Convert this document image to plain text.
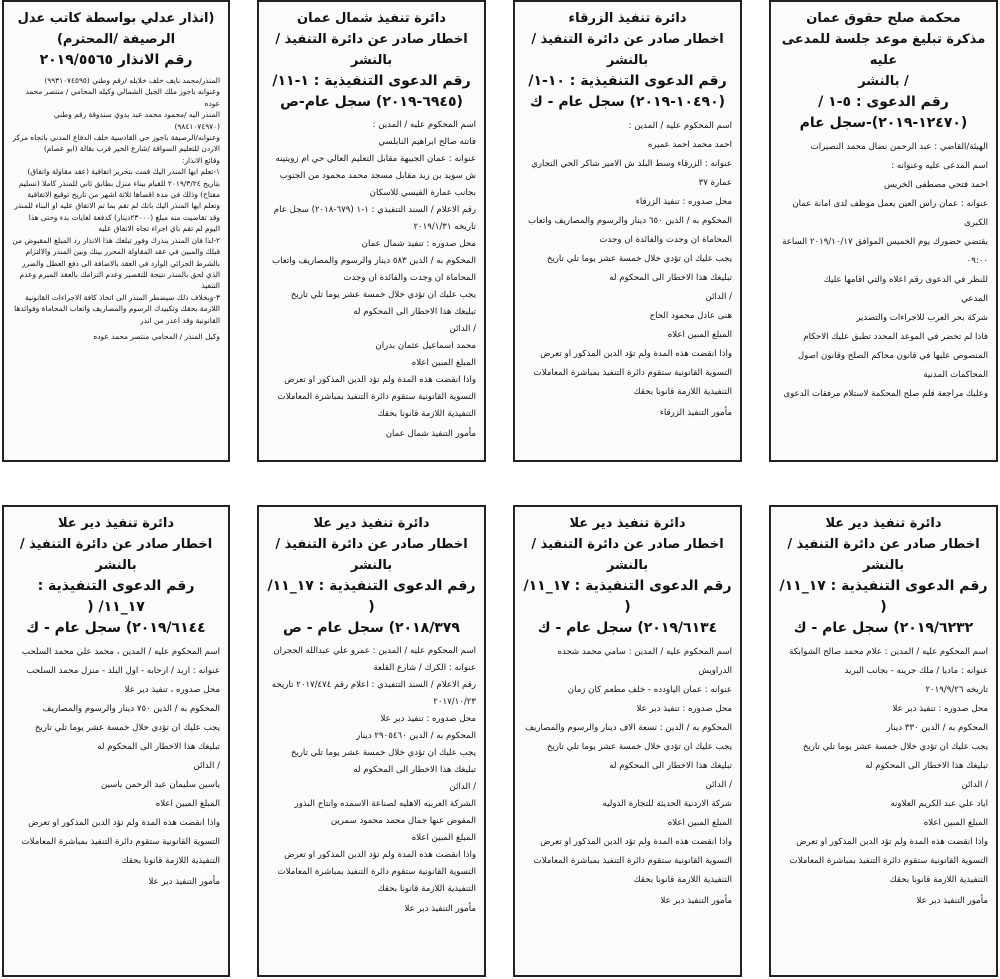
محكمة صلح حقوق عمان
مذكرة تبليغ موعد جلسة للمدعى عليه
/ بالنشر
رقم الدعوى : ٥-١ /
(١٢٤٧٠-٢٠١٩)-سجل عام

الهيئة/القاضي : عبد الرحمن نضال محمد النصيرات

اسم المدعى عليه وعنوانه :

احمد فتحي مصطفى الخريس

عنوانه : عمان راس العين يعمل موظف لدى امانة عمان الكبرى

يقتضي حضورك يوم الخميس الموافق ٢٠١٩/١٠/١٧ الساعة ٠٩:٠٠

للنظر في الدعوى رقم اعلاه والتي اقامها عليك

المدعي

شركة بحر العرب للاجراءات والتصدير

فاذا لم تحضر في الموعد المحدد تطبق عليك الاحكام المنصوص عليها في قانون محاكم الصلح وقانون اصول المحاكمات المدنية

وعليك مراجعة قلم صلح المحكمة لاستلام مرفقات الدعوى

دائرة تنفيذ الزرقاء
اخطار صادر عن دائرة التنفيذ / بالنشر
رقم الدعوى التنفيذية : ١٠-١/
(١٠٤٩٠-٢٠١٩) سجل عام - ك

اسم المحكوم عليه / المدين :

احمد محمد احمد عميره

عنوانه : الزرقاء وسط البلد ش الامير شاكر الحي التجاري عمارة ٣٧

محل صدوره : تنفيذ الزرقاء

المحكوم به / الدين ٦٥٠ دينار والرسوم والمصاريف واتعاب المحاماة ان وجدت والفائدة ان وجدت

يجب عليك ان تؤدي خلال خمسة عشر يوما تلي تاريخ تبليغك هذا الاخطار الى المحكوم له

/ الدائن

هنى عادل محمود الحاج

المبلغ المبين اعلاه

واذا انقضت هذه المدة ولم تؤد الدين المذكور او تعرض التسوية القانونية ستقوم دائرة التنفيذ بمباشرة المعاملات التنفيذية اللازمة قانونا بحقك

مأمور التنفيذ الزرقاء
دائرة تنفيذ شمال عمان
اخطار صادر عن دائرة التنفيذ / بالنشر
رقم الدعوى التنفيذية : ١-١١/
(٦٩٤٥-٢٠١٩) سجل عام-ص

اسم المحكوم عليه / المدين :

فاتنه صالح ابراهيم النابلسي

عنوانه : عمان الجبيهة مقابل التعليم العالي حي ام زويتينه ش سويد بن زيد مقابل مسجد محمد محمود من الجنوب بجانب عمارة القيسي للاسكان

رقم الاعلام / السند التنفيذي : ١-١ (٦٧٩-٢٠١٨) سجل عام تاريخه ٢٠١٩/١/٣١

محل صدوره : تنفيذ شمال عمان

المحكوم به / الدين ٥٨٣ دينار والرسوم والمصاريف واتعاب المحاماة ان وجدت والفائدة ان وجدت

يجب عليك ان تؤدي خلال خمسة عشر يوما تلي تاريخ تبليغك هذا الاخطار الى المحكوم له

/ الدائن

محمد اسماعيل عثمان بدران

المبلغ المبين اعلاه

واذا انقضت هذه المدة ولم تؤد الدين المذكور او تعرض التسوية القانونية ستقوم دائرة التنفيذ بمباشرة المعاملات التنفيذية اللازمة قانونا بحقك

مأمور التنفيذ شمال عمان
(انذار عدلي بواسطة كاتب عدل
الرصيفة /المحترم)
رقم الانذار ٢٠١٩/٥٥٦٥

المنذر/محمد نايف خلف خلايله /رقم وطني (٩٩٣١٠٧٤٥٩٥)

وعنوانه باجوز ملك الجبل الشمالي وكيله المحامي / منتصر محمد عوده

المنذر اليه /محمود محمد عبد بدوي سندوقة رقم وطني (٩٨٤١٠٧٤٩٧٠)

وعنوانه/الرصيفة باجوز حي القادسية خلف الدفاع المدني باتجاه مركز الاردن للتعليم السواقة /شارع الخير قرب بقالة (ابو عصام)

وقائع الانذار:

١-تعلم ايها المنذر اليك قمت بتحرير اتفاقية (عقد مقاولة واتفاق) بتاريخ ٢٠١٩/٣/٢٤ للقيام ببناء منزل بطابق ثاني للمنذر كاملا (تسليم مفتاح) وذلك في مدة اقصاها ثلاثة اشهر من تاريخ توقيع الاتفاقية وتعلم ايها المنذر اليك بانك لم تقم بما تم الاتفاق عليه او البناء للمنذر وقد تقاضيت منه مبلغ (٢٣٠٠٠دينار) كدفعة لغايات بدء وحتى هذا اليوم لم تقم باي اجراء تجاه الاتفاق عليه

٢-لذا فان المنذر ينذرك وفور تبلغك هذا الانذار رد المبلغ المقبوض من قبلك والمبين في عقد المقاولة المحرر بينك وبين المنذر والالتزام بالشرط الجزائي الوارد في العقد بالاضافة الى دفع العطل والضرر الذي لحق بالمنذر نتيجة للتقصير وعدم التزامك بالعقد المبرم وعدم التنفيذ

٣-وبخلاف ذلك سيضطر المنذر الى اتخاذ كافة الاجراءات القانونية اللازمة بحقك وتكبيدك الرسوم والمصاريف واتعاب المحاماة وفوائدها القانونية وقد اعذر من انذر

وكيل المنذر / المحامي منتصر محمد عوده
دائرة تنفيذ دير علا
اخطار صادر عن دائرة التنفيذ / بالنشر
رقم الدعوى التنفيذية : ١٧_١١/ (
٢٠١٩/٦٢٣٢) سجل عام - ك

اسم المحكوم عليه / المدين : علام محمد صالح الشوابكة

عنوانه : ماديا / ملك جرينه - بجانب البريد

تاريخه ٢٠١٩/٩/٢٦

محل صدوره : تنفيذ دير علا

المحكوم به / الدين ٣٣٠ دينار

يجب عليك ان تؤدي خلال خمسة عشر يوما تلي تاريخ تبليغك هذا الاخطار الى المحكوم له

/ الدائن

اياد علي عبد الكريم العلاونه

المبلغ المبين اعلاه

واذا انقضت هذه المدة ولم تؤد الدين المذكور او تعرض التسوية القانونية ستقوم دائرة التنفيذ بمباشرة المعاملات التنفيذية اللازمة قانونا بحقك

مأمور التنفيذ دير علا
دائرة تنفيذ دير علا
اخطار صادر عن دائرة التنفيذ / بالنشر
رقم الدعوى التنفيذية : ١٧_١١/ (
٢٠١٩/٦١٣٤) سجل عام - ك

اسم المحكوم عليه / المدين : سامي محمد شحده الدراويش

عنوانه : عمان الياودده - خلف مطعم كان زمان

محل صدوره : تنفيذ دير علا

المحكوم به / الدين : تسعة الاف دينار والرسوم والمصاريف

يجب عليك ان تؤدي خلال خمسة عشر يوما تلي تاريخ تبليغك هذا الاخطار الى المحكوم له

/ الدائن

شركة الاردنية الحديثة للتجارة الدوليه

المبلغ المبين اعلاه

واذا انقضت هذه المدة ولم تؤد الدين المذكور او تعرض التسوية القانونية ستقوم دائرة التنفيذ بمباشرة المعاملات التنفيذية اللازمة قانونا بحقك

مأمور التنفيذ دير علا
دائرة تنفيذ دير علا
اخطار صادر عن دائرة التنفيذ / بالنشر
رقم الدعوى التنفيذية : ١٧_١١/ (
٢٠١٨/٣٧٩) سجل عام - ص

اسم المحكوم عليه / المدين : عمرو علي عبدالله الحجران

عنوانه : الكرك / شارع القلعة

رقم الاعلام / السند التنفيذي : اعلام رقم ٢٠١٧/٤٧٤ تاريخه ٢٠١٧/١٠/٢٣

محل صدوره : تنفيذ دير علا

المحكوم به / الدين ٢٩٠٥٤٦٠ دينار

يجب عليك ان تؤدي خلال خمسة عشر يوما تلي تاريخ تبليغك هذا الاخطار الى المحكوم له

/ الدائن

الشركة العربيه الاهليه لصناعة الاسمده وانتاج البذور المفوض عنها جمال محمد محمود سمرين

المبلغ المبين اعلاه

واذا انقضت هذه المدة ولم تؤد الدين المذكور او تعرض التسوية القانونية ستقوم دائرة التنفيذ بمباشرة المعاملات التنفيذية اللازمة قانونا بحقك

مأمور التنفيذ دير علا
دائرة تنفيذ دير علا
اخطار صادر عن دائرة التنفيذ / بالنشر
رقم الدعوى التنفيذية : ١٧_١١/ (
٢٠١٩/٦١٤٤) سجل عام - ك

اسم المحكوم عليه / المدين ، محمد علي محمد السلحب

عنوانه : اربد / ارحابه - اول البلد - منزل محمد السلحب

محل صدوره ، تنفيذ دير علا

المحكوم به / الدين ٧٥٠ دينار والرسوم والمصاريف

يجب عليك ان تؤدي خلال خمسة عشر يوما تلي تاريخ تبليغك هذا الاخطار الى المحكوم له

/ الدائن

ياسين سليمان عبد الرحمن ياسين

المبلغ المبين اعلاه

واذا انقضت هذه المدة ولم تؤد الدين المذكور او تعرض التسوية القانونية ستقوم دائرة التنفيذ بمباشرة المعاملات التنفيذية اللازمة قانونا بحقك

مأمور التنفيذ دير علا
